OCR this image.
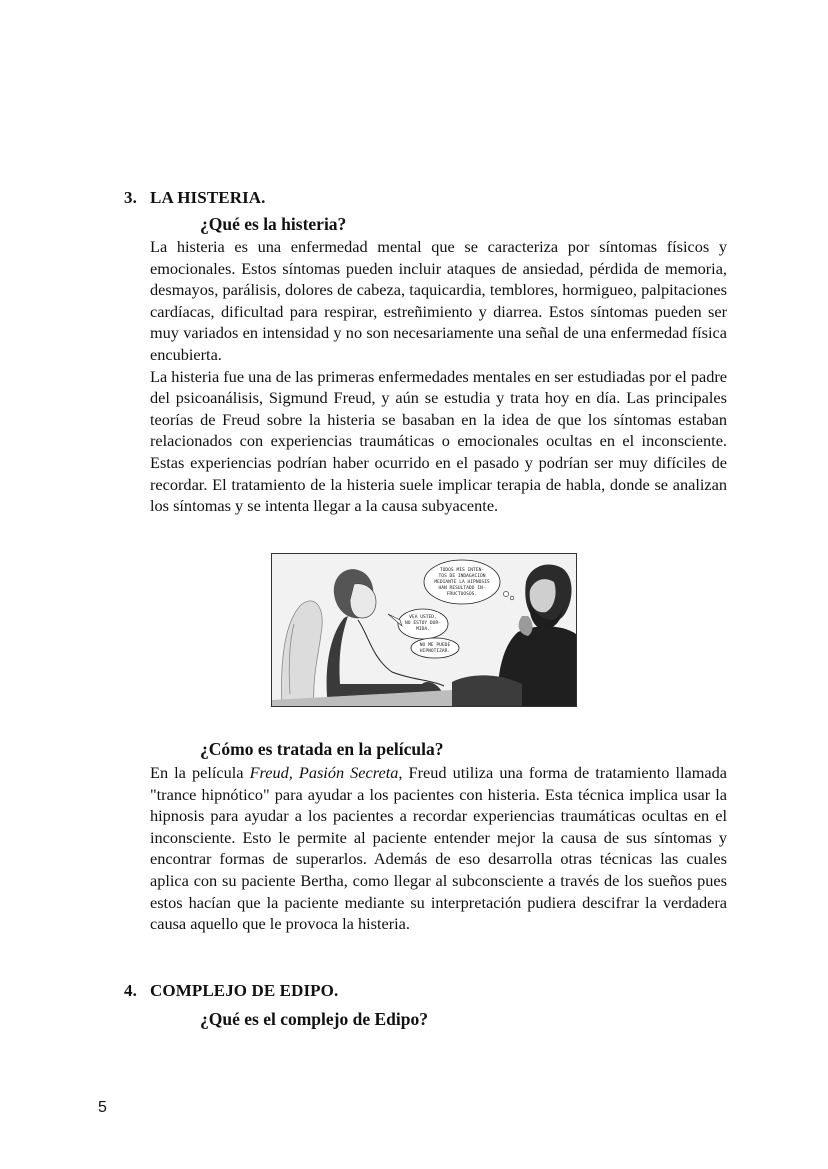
3. LA HISTERIA.
¿Qué es la histeria?

La histeria es una enfermedad mental que se caracteriza por síntomas físicos y emocionales. Estos síntomas pueden incluir ataques de ansiedad, pérdida de memoria, desmayos, parálisis, dolores de cabeza, taquicardia, temblores, hormigueo, palpitaciones cardíacas, dificultad para respirar, estreñimiento y diarrea. Estos síntomas pueden ser muy variados en intensidad y no son necesariamente una señal de una enfermedad física encubierta.

La histeria fue una de las primeras enfermedades mentales en ser estudiadas por el padre del psicoanálisis, Sigmund Freud, y aún se estudia y trata hoy en día. Las principales teorías de Freud sobre la histeria se basaban en la idea de que los síntomas estaban relacionados con experiencias traumáticas o emocionales ocultas en el inconsciente. Estas experiencias podrían haber ocurrido en el pasado y podrían ser muy difíciles de recordar. El tratamiento de la histeria suele implicar terapia de habla, donde se analizan los síntomas y se intenta llegar a la causa subyacente.

TODOS MIS INTEN-
TOS DE INDAGACIÓN
MEDIANTE LA HIPNOSIS
HAN RESULTADO IN-
FRUCTUOSOS.
VEA USTED,
NO ESTOY DOR-
MIDA.
NO ME PUEDE
HIPNOTIZAR.
¿Cómo es tratada en la película?

En la película Freud, Pasión Secreta, Freud utiliza una forma de tratamiento llamada "trance hipnótico" para ayudar a los pacientes con histeria. Esta técnica implica usar la hipnosis para ayudar a los pacientes a recordar experiencias traumáticas ocultas en el inconsciente. Esto le permite al paciente entender mejor la causa de sus síntomas y encontrar formas de superarlos. Además de eso desarrolla otras técnicas las cuales aplica con su paciente Bertha, como llegar al subconsciente a través de los sueños pues estos hacían que la paciente mediante su interpretación pudiera descifrar la verdadera causa aquello que le provoca la histeria.

4. COMPLEJO DE EDIPO.
¿Qué es el complejo de Edipo?
5
